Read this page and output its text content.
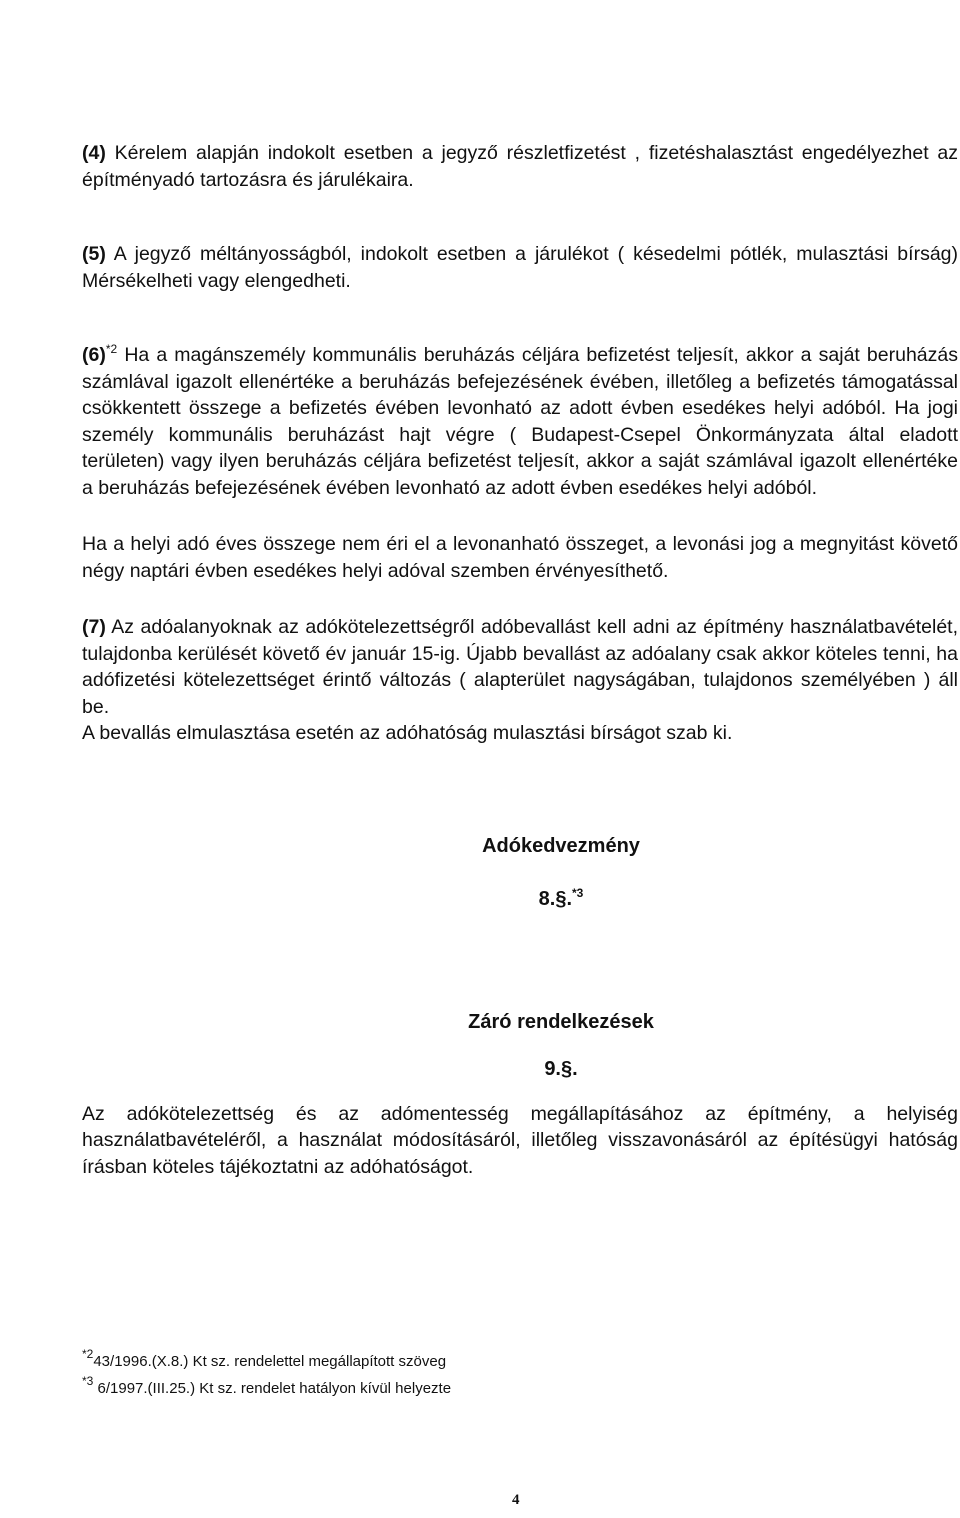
(4) Kérelem alapján indokolt esetben a jegyző részletfizetést , fizetéshalasztást engedélyezhet az építményadó tartozásra és járulékaira.

(5) A jegyző méltányosságból, indokolt esetben a járulékot ( késedelmi pótlék, mulasztási bírság) Mérsékelheti vagy elengedheti.

$(6)^{*2}$ Ha a magánszemély kommunális beruházás céljára befizetést teljesít, akkor a saját beruházás számlával igazolt ellenértéke a beruházás befejezésének évében, illetőleg a befizetés támogatással csökkentett összege a befizetés évében levonható az adott évben esedékes helyi adóból. Ha jogi személy kommunális beruházást hajt végre ( Budapest-Csepel Önkormányzata által eladott területen) vagy ilyen beruházás céljára befizetést teljesít, akkor a saját számlával igazolt ellenértéke a beruházás befejezésének évében levonható az adott évben esedékes helyi adóból.

Ha a helyi adó éves összege nem éri el a levonanható összeget, a levonási jog a megnyitást követő négy naptári évben esedékes helyi adóval szemben érvényesíthető.

(7) Az adóalanyoknak az adókötelezettségről adóbevallást kell adni az építmény használatbavételét, tulajdonba kerülését követő év január 15-ig. Újabb bevallást az adóalany csak akkor köteles tenni, ha adófizetési kötelezettséget érintő változás ( alapterület nagyságában, tulajdonos személyében ) áll be.

A bevallás elmulasztása esetén az adóhatóság mulasztási bírságot szab ki.

Adókedvezmény
8.§.$^{*3}$
Záró rendelkezések
9.§.

Az adókötelezettség és az adómentesség megállapításához az építmény, a helyiség használatbavételéről, a használat módosításáról, illetőleg visszavonásáról az építésügyi hatóság írásban köteles tájékoztatni az adóhatóságot.

$^{*2}$43/1996.(X.8.) Kt sz. rendelettel megállapított szöveg
$^{*3}$ 6/1997.(III.25.) Kt sz. rendelet hatályon kívül helyezte
4
